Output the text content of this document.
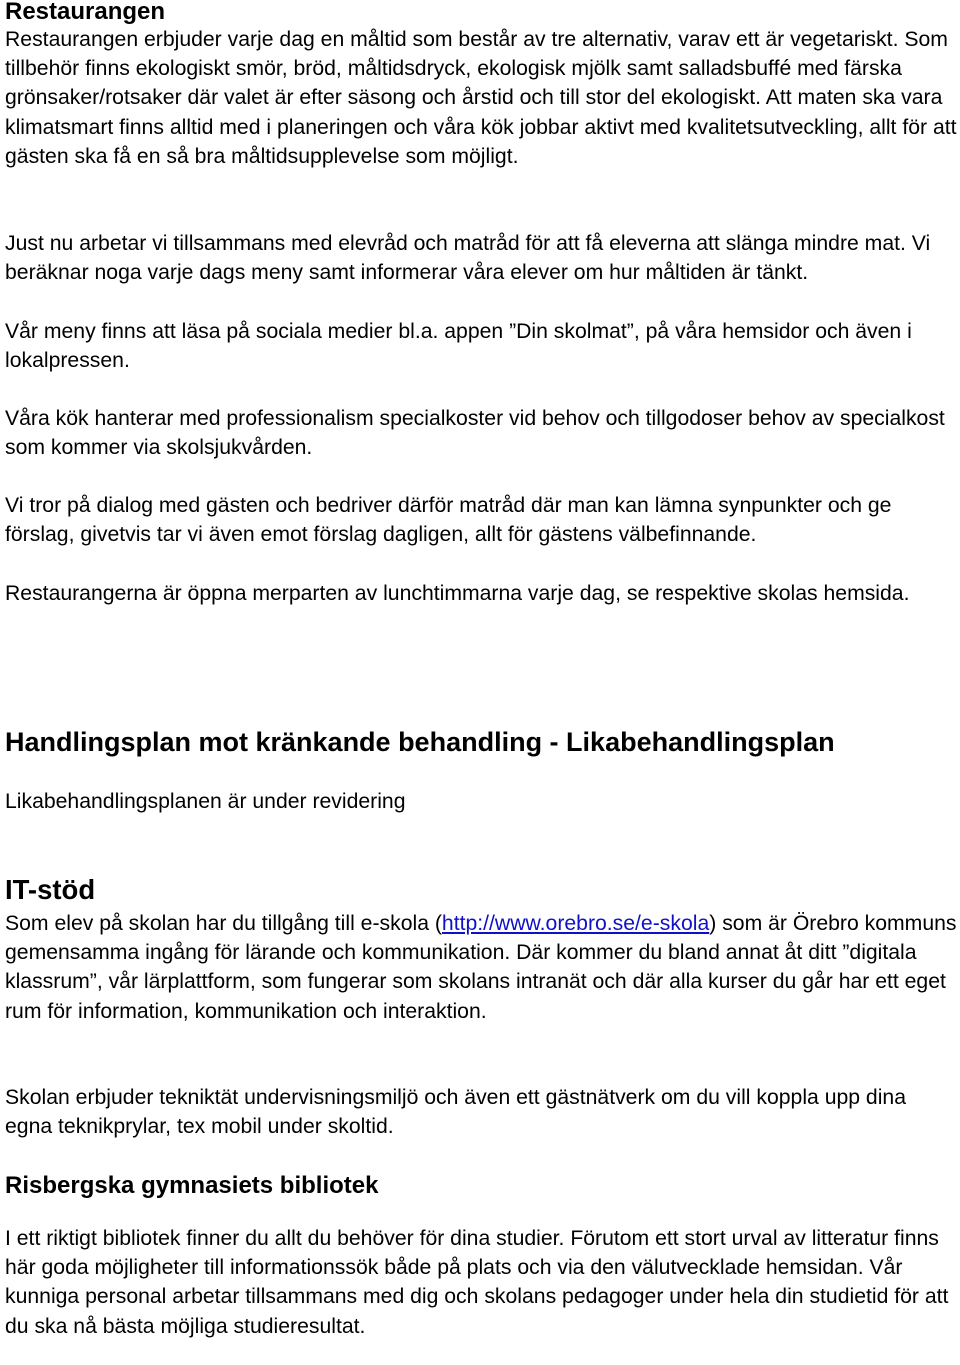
Restaurangen

Restaurangen erbjuder varje dag en måltid som består av tre alternativ, varav ett är vegetariskt. Som tillbehör finns ekologiskt smör, bröd, måltidsdryck, ekologisk mjölk samt salladsbuffé med färska grönsaker/rotsaker där valet är efter säsong och årstid och till stor del ekologiskt. Att maten ska vara klimatsmart finns alltid med i planeringen och våra kök jobbar aktivt med kvalitetsutveckling, allt för att gästen ska få en så bra måltidsupplevelse som möjligt.

Just nu arbetar vi tillsammans med elevråd och matråd för att få eleverna att slänga mindre mat. Vi beräknar noga varje dags meny samt informerar våra elever om hur måltiden är tänkt.

Vår meny finns att läsa på sociala medier bl.a. appen ”Din skolmat”, på våra hemsidor och även i lokalpressen.

Våra kök hanterar med professionalism specialkoster vid behov och tillgodoser behov av specialkost som kommer via skolsjukvården.

Vi tror på dialog med gästen och bedriver därför matråd där man kan lämna synpunkter och ge förslag, givetvis tar vi även emot förslag dagligen, allt för gästens välbefinnande.

Restaurangerna är öppna merparten av lunchtimmarna varje dag, se respektive skolas hemsida.

Handlingsplan mot kränkande behandling - Likabehandlingsplan

Likabehandlingsplanen är under revidering

IT-stöd

Som elev på skolan har du tillgång till e-skola (http://www.orebro.se/e-skola) som är Örebro kommuns gemensamma ingång för lärande och kommunikation. Där kommer du bland annat åt ditt ”digitala klassrum”, vår lärplattform, som fungerar som skolans intranät och där alla kurser du går har ett eget rum för information, kommunikation och interaktion.

Skolan erbjuder tekniktät undervisningsmiljö och även ett gästnätverk om du vill koppla upp dina egna teknikprylar, tex mobil under skoltid.

Risbergska gymnasiets bibliotek

I ett riktigt bibliotek finner du allt du behöver för dina studier. Förutom ett stort urval av litteratur finns här goda möjligheter till informationssök både på plats och via den välutvecklade hemsidan. Vår kunniga personal arbetar tillsammans med dig och skolans pedagoger under hela din studietid för att du ska nå bästa möjliga studieresultat.
